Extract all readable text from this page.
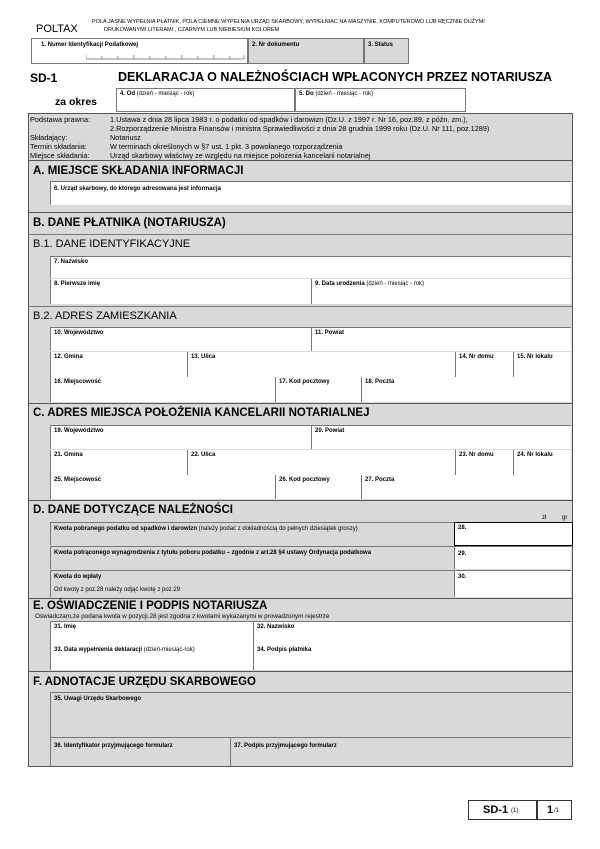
POLTAX
POLA JASNE WYPEŁNIA PŁATNIK, POLA CIEMNE WYPEŁNIA URZĄD SKARBOWY, WYPEŁNIAC NA MASZYNIE, KOMPUTEROWO LUB RĘCZNIE DUŻYMI
DRUKOWANYMI LITERAMI , CZARNYM LUB NIEBIESKIM KOLOREM
1. Numer Identyfikacji Podatkowej	2. Nr dokumentu	3. Status
SD-1	DEKLARACJA O NALEŻNOŚCIACH WPŁACONYCH PRZEZ NOTARIUSZA
za okres
4. Od (dzień - miesiąc - rok)	5. Do (dzień - miesiąc - rok)
Podstawa prawna:	1.Ustawa z dnia 28 lipca 1983 r. o podatku od spadków i darowizn (Dz.U. z 1997 r. Nr 16, poz.89, z późn. zm.),
2.Rozporządzenie Ministra Finansów i ministra Sprawiedliwości z dnia 28 grudnia 1999 roku (Dz.U. Nr 111, poz.1289)
Składający:	Notariusz
Termin składania:	W terminach określonych w §7 ust. 1 pkt. 3 powołanego rozporządzenia
Miejsce składania:	Urząd skarbowy właściwy ze względu na miejsce położenia kancelarii notarialnej
A. MIEJSCE SKŁADANIA INFORMACJI
6. Urząd skarbowy, do którego adresowana jest informacja
B. DANE PŁATNIKA (NOTARIUSZA)
B.1. DANE IDENTYFIKACYJNE
7. Nazwisko
8. Pierwsze imię	9. Data urodzenia (dzień - miesiąc - rok)
B.2. ADRES ZAMIESZKANIA
10. Województwo	11. Powiat
12. Gmina	13. Ulica	14. Nr domu	15. Nr lokalu
16. Miejscowość	17. Kod pocztowy	18. Poczta
C. ADRES MIEJSCA POŁOŻENIA KANCELARII NOTARIALNEJ
19. Województwo	20. Powiat
21. Gmina	22. Ulica	23. Nr domu	24. Nr lokalu
25. Miejscowość	26. Kod pocztowy	27. Poczta
D. DANE DOTYCZĄCE NALEŻNOŚCI
zł	gr
Kwota pobranego podatku od spadków i darowizn (należy podać z dokładnością do pełnych dziesiątek groszy)	28.
Kwota potrąconego wynagrodzenia z tytułu poboru podatku – zgodnie z art.28 §4 ustawy Ordynacja podatkowa	29.
Kwota do wpłaty
Od kwoty z poz.28 należy odjąć kwotę z poz.29
30.
E. OŚWIADCZENIE I PODPIS NOTARIUSZA
Oświadczam,że podana kwota w pozycji.28 jest zgodna z kwotami wykazanymi w prowadzonym rejestrze
31. Imię	32. Nazwisko
33. Data wypełnienia deklaracji (dzień-miesiąc-rok)	34. Podpis płatnika
F. ADNOTACJE URZĘDU SKARBOWEGO
35. Uwagi Urzędu Skarbowego
36. Identyfikator przyjmującego formularz	37. Podpis przyjmującego formularz
SD-1 (1)	1 /1
